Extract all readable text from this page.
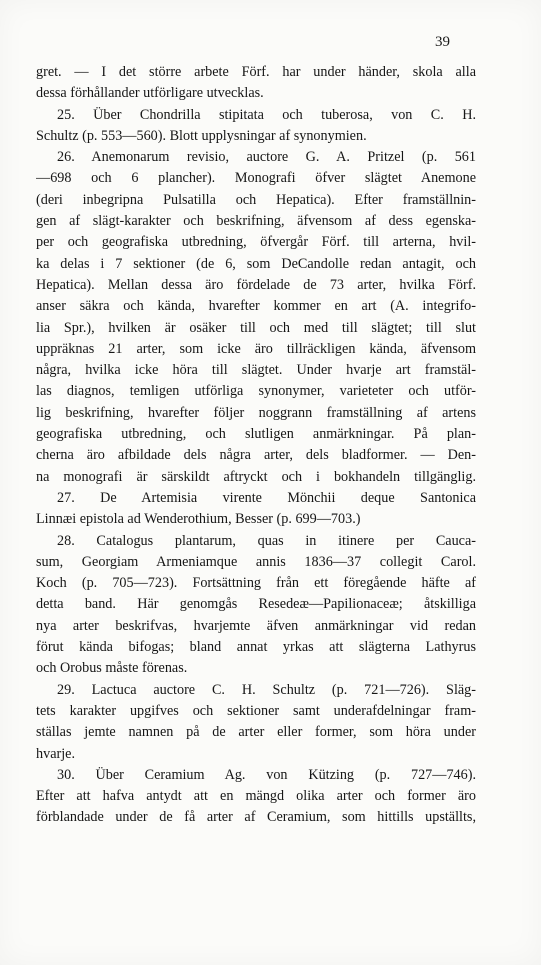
39
gret. — I det större arbete Förf. har under händer, skola alla
dessa förhållander utförligare utvecklas.
25. Über Chondrilla stipitata och tuberosa, von C. H.
Schultz (p. 553—560). Blott upplysningar af synonymien.
26. Anemonarum revisio, auctore G. A. Pritzel (p. 561
—698 och 6 plancher). Monografi öfver slägtet Anemone
(deri inbegripna Pulsatilla och Hepatica). Efter framställnin-
gen af slägt-karakter och beskrifning, äfvensom af dess egenska-
per och geografiska utbredning, öfvergår Förf. till arterna, hvil-
ka delas i 7 sektioner (de 6, som DeCandolle redan antagit, och
Hepatica). Mellan dessa äro fördelade de 73 arter, hvilka Förf.
anser säkra och kända, hvarefter kommer en art (A. integrifo-
lia Spr.), hvilken är osäker till och med till slägtet; till slut
uppräknas 21 arter, som icke äro tillräckligen kända, äfvensom
några, hvilka icke höra till slägtet. Under hvarje art framstäl-
las diagnos, temligen utförliga synonymer, varieteter och utför-
lig beskrifning, hvarefter följer noggrann framställning af artens
geografiska utbredning, och slutligen anmärkningar. På plan-
cherna äro afbildade dels några arter, dels bladformer. — Den-
na monografi är särskildt aftryckt och i bokhandeln tillgänglig.
27. De Artemisia virente Mönchii deque Santonica
Linnæi epistola ad Wenderothium, Besser (p. 699—703.)
28. Catalogus plantarum, quas in itinere per Cauca-
sum, Georgiam Armeniamque annis 1836—37 collegit Carol.
Koch (p. 705—723). Fortsättning från ett föregående häfte af
detta band. Här genomgås Resedeæ—Papilionaceæ; åtskilliga
nya arter beskrifvas, hvarjemte äfven anmärkningar vid redan
förut kända bifogas; bland annat yrkas att slägterna Lathyrus
och Orobus måste förenas.
29. Lactuca auctore C. H. Schultz (p. 721—726). Släg-
tets karakter upgifves och sektioner samt underafdelningar fram-
ställas jemte namnen på de arter eller former, som höra under
hvarje.
30. Über Ceramium Ag. von Kützing (p. 727—746).
Efter att hafva antydt att en mängd olika arter och former äro
förblandade under de få arter af Ceramium, som hittills upställts,
